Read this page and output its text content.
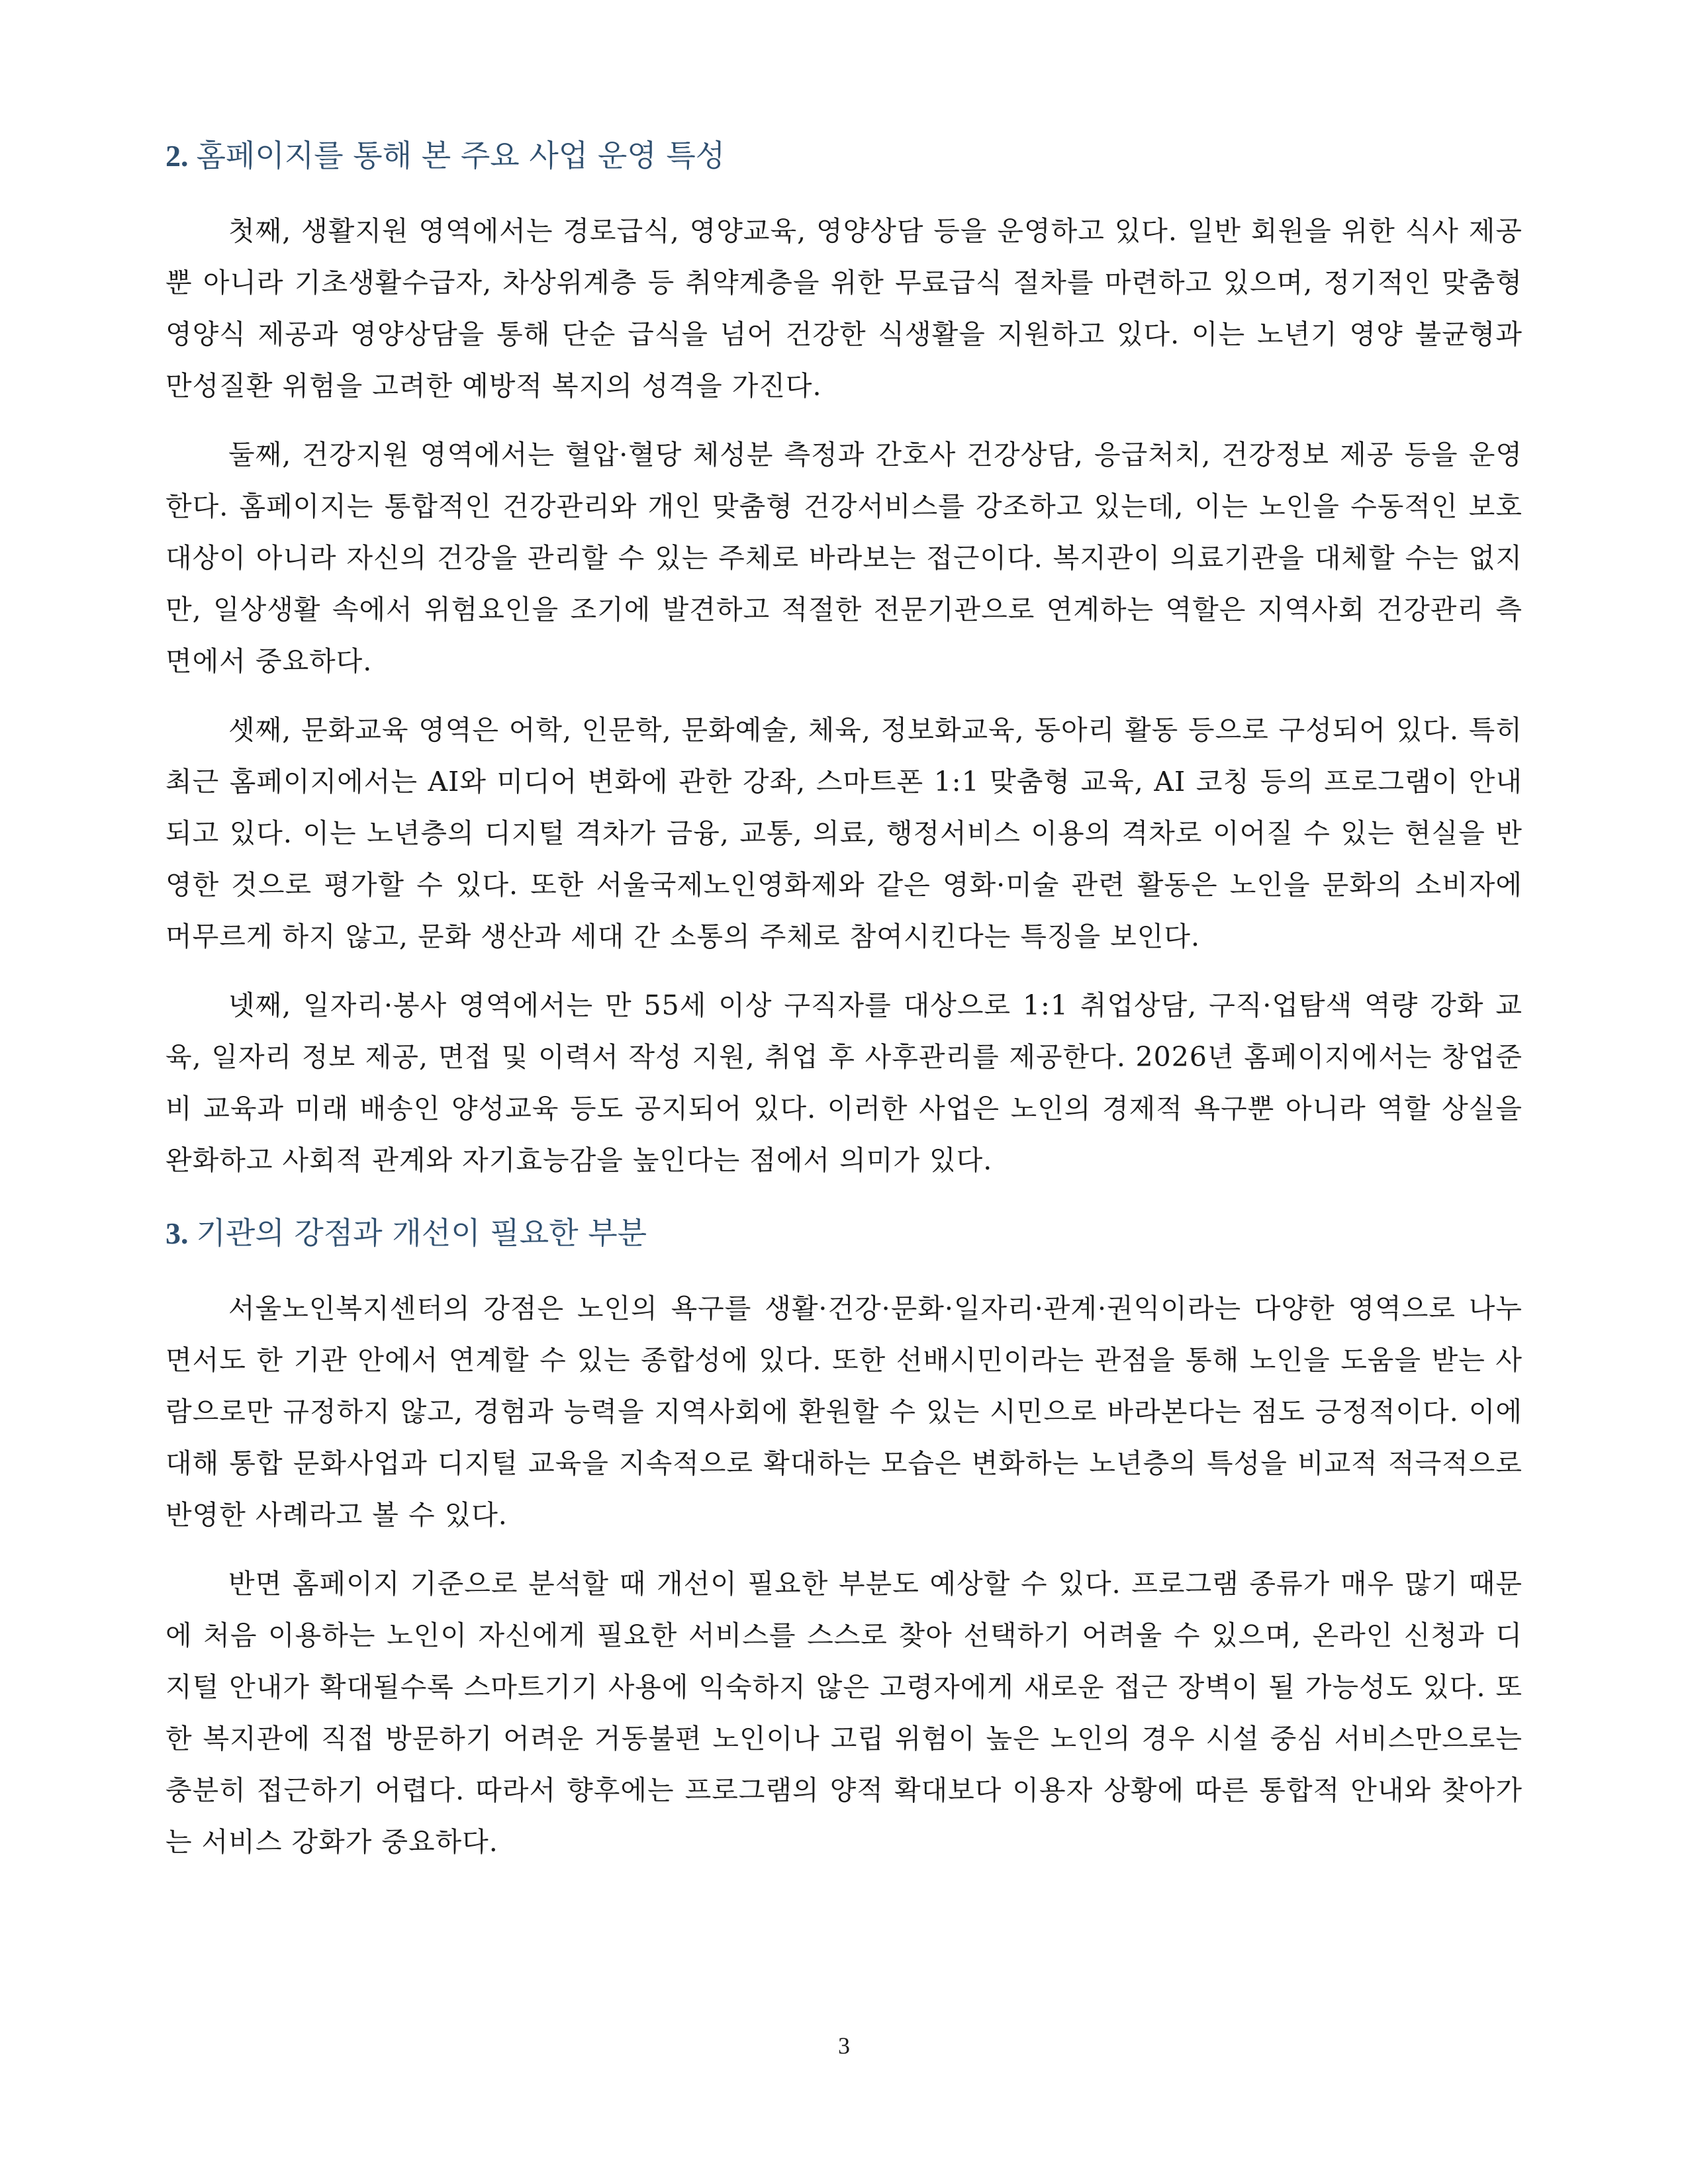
2. 홈페이지를 통해 본 주요 사업 운영 특성

첫째, 생활지원 영역에서는 경로급식, 영양교육, 영양상담 등을 운영하고 있다. 일반 회원을 위한 식사 제공뿐 아니라 기초생활수급자, 차상위계층 등 취약계층을 위한 무료급식 절차를 마련하고 있으며, 정기적인 맞춤형 영양식 제공과 영양상담을 통해 단순 급식을 넘어 건강한 식생활을 지원하고 있다. 이는 노년기 영양 불균형과 만성질환 위험을 고려한 예방적 복지의 성격을 가진다.

둘째, 건강지원 영역에서는 혈압·혈당 체성분 측정과 간호사 건강상담, 응급처치, 건강정보 제공 등을 운영한다. 홈페이지는 통합적인 건강관리와 개인 맞춤형 건강서비스를 강조하고 있는데, 이는 노인을 수동적인 보호 대상이 아니라 자신의 건강을 관리할 수 있는 주체로 바라보는 접근이다. 복지관이 의료기관을 대체할 수는 없지만, 일상생활 속에서 위험요인을 조기에 발견하고 적절한 전문기관으로 연계하는 역할은 지역사회 건강관리 측면에서 중요하다.

셋째, 문화교육 영역은 어학, 인문학, 문화예술, 체육, 정보화교육, 동아리 활동 등으로 구성되어 있다. 특히 최근 홈페이지에서는 AI와 미디어 변화에 관한 강좌, 스마트폰 1:1 맞춤형 교육, AI 코칭 등의 프로그램이 안내되고 있다. 이는 노년층의 디지털 격차가 금융, 교통, 의료, 행정서비스 이용의 격차로 이어질 수 있는 현실을 반영한 것으로 평가할 수 있다. 또한 서울국제노인영화제와 같은 영화·미술 관련 활동은 노인을 문화의 소비자에 머무르게 하지 않고, 문화 생산과 세대 간 소통의 주체로 참여시킨다는 특징을 보인다.

넷째, 일자리·봉사 영역에서는 만 55세 이상 구직자를 대상으로 1:1 취업상담, 구직·업탐색 역량 강화 교육, 일자리 정보 제공, 면접 및 이력서 작성 지원, 취업 후 사후관리를 제공한다. 2026년 홈페이지에서는 창업준비 교육과 미래 배송인 양성교육 등도 공지되어 있다. 이러한 사업은 노인의 경제적 욕구뿐 아니라 역할 상실을 완화하고 사회적 관계와 자기효능감을 높인다는 점에서 의미가 있다.

3. 기관의 강점과 개선이 필요한 부분

서울노인복지센터의 강점은 노인의 욕구를 생활·건강·문화·일자리·관계·권익이라는 다양한 영역으로 나누면서도 한 기관 안에서 연계할 수 있는 종합성에 있다. 또한 선배시민이라는 관점을 통해 노인을 도움을 받는 사람으로만 규정하지 않고, 경험과 능력을 지역사회에 환원할 수 있는 시민으로 바라본다는 점도 긍정적이다. 이에 대해 통합 문화사업과 디지털 교육을 지속적으로 확대하는 모습은 변화하는 노년층의 특성을 비교적 적극적으로 반영한 사례라고 볼 수 있다.

반면 홈페이지 기준으로 분석할 때 개선이 필요한 부분도 예상할 수 있다. 프로그램 종류가 매우 많기 때문에 처음 이용하는 노인이 자신에게 필요한 서비스를 스스로 찾아 선택하기 어려울 수 있으며, 온라인 신청과 디지털 안내가 확대될수록 스마트기기 사용에 익숙하지 않은 고령자에게 새로운 접근 장벽이 될 가능성도 있다. 또한 복지관에 직접 방문하기 어려운 거동불편 노인이나 고립 위험이 높은 노인의 경우 시설 중심 서비스만으로는 충분히 접근하기 어렵다. 따라서 향후에는 프로그램의 양적 확대보다 이용자 상황에 따른 통합적 안내와 찾아가는 서비스 강화가 중요하다.

3
